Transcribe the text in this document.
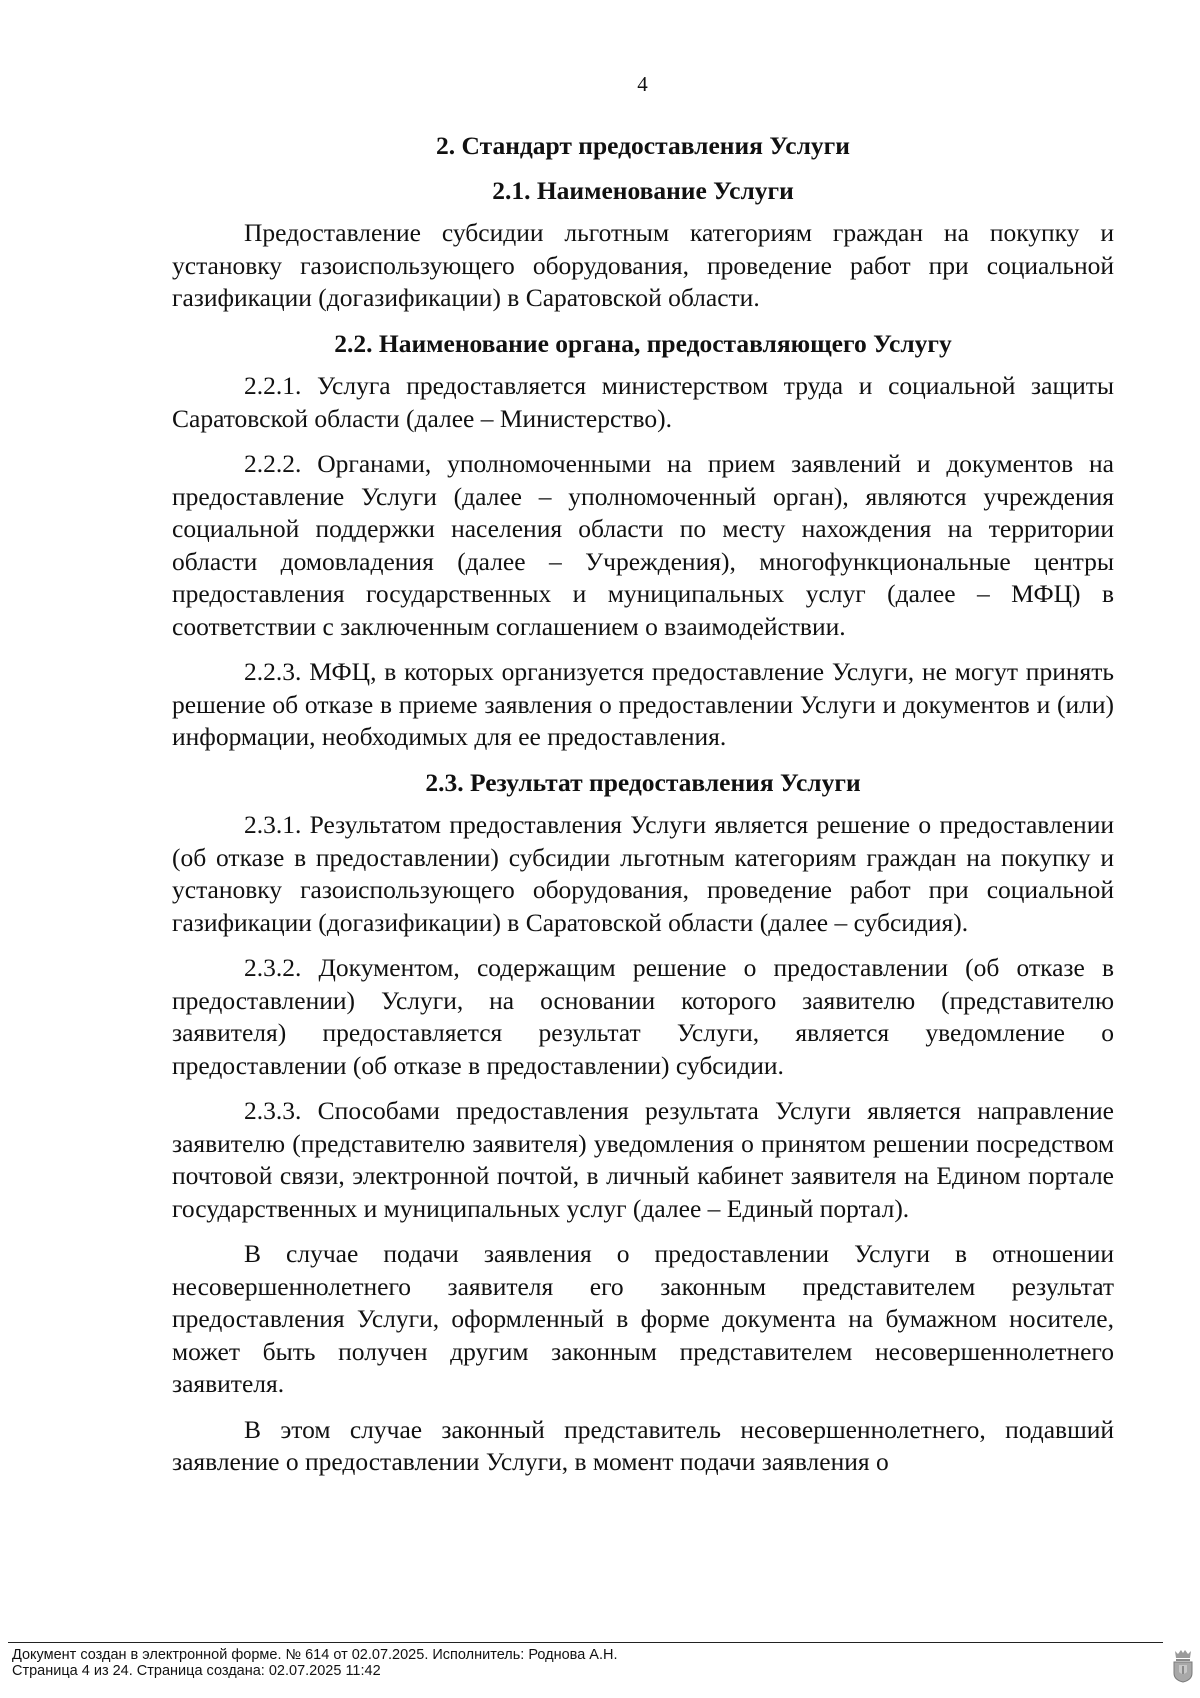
4
2. Стандарт предоставления Услуги
2.1. Наименование Услуги

Предоставление субсидии льготным категориям граждан на покупку и установку газоиспользующего оборудования, проведение работ при социальной газификации (догазификации) в Саратовской области.

2.2. Наименование органа, предоставляющего Услугу

2.2.1. Услуга предоставляется министерством труда и социальной защиты Саратовской области (далее – Министерство).

2.2.2. Органами, уполномоченными на прием заявлений и документов на предоставление Услуги (далее – уполномоченный орган), являются учреждения социальной поддержки населения области по месту нахождения на территории области домовладения (далее – Учреждения), многофункциональные центры предоставления государственных и муниципальных услуг (далее – МФЦ) в соответствии с заключенным соглашением о взаимодействии.

2.2.3. МФЦ, в которых организуется предоставление Услуги, не могут принять решение об отказе в приеме заявления о предоставлении Услуги и документов и (или) информации, необходимых для ее предоставления.

2.3. Результат предоставления Услуги

2.3.1. Результатом предоставления Услуги является решение о предоставлении (об отказе в предоставлении) субсидии льготным категориям граждан на покупку и установку газоиспользующего оборудования, проведение работ при социальной газификации (догазификации) в Саратовской области (далее – субсидия).

2.3.2. Документом, содержащим решение о предоставлении (об отказе в предоставлении) Услуги, на основании которого заявителю (представителю заявителя) предоставляется результат Услуги, является уведомление о предоставлении (об отказе в предоставлении) субсидии.

2.3.3. Способами предоставления результата Услуги является направление заявителю (представителю заявителя) уведомления о принятом решении посредством почтовой связи, электронной почтой, в личный кабинет заявителя на Едином портале государственных и муниципальных услуг (далее – Единый портал).

В случае подачи заявления о предоставлении Услуги в отношении несовершеннолетнего заявителя его законным представителем результат предоставления Услуги, оформленный в форме документа на бумажном носителе, может быть получен другим законным представителем несовершеннолетнего заявителя.

В этом случае законный представитель несовершеннолетнего, подавший заявление о предоставлении Услуги, в момент подачи заявления о

Документ создан в электронной форме. № 614 от 02.07.2025. Исполнитель: Роднова А.Н.
Страница 4 из 24. Страница создана: 02.07.2025 11:42
